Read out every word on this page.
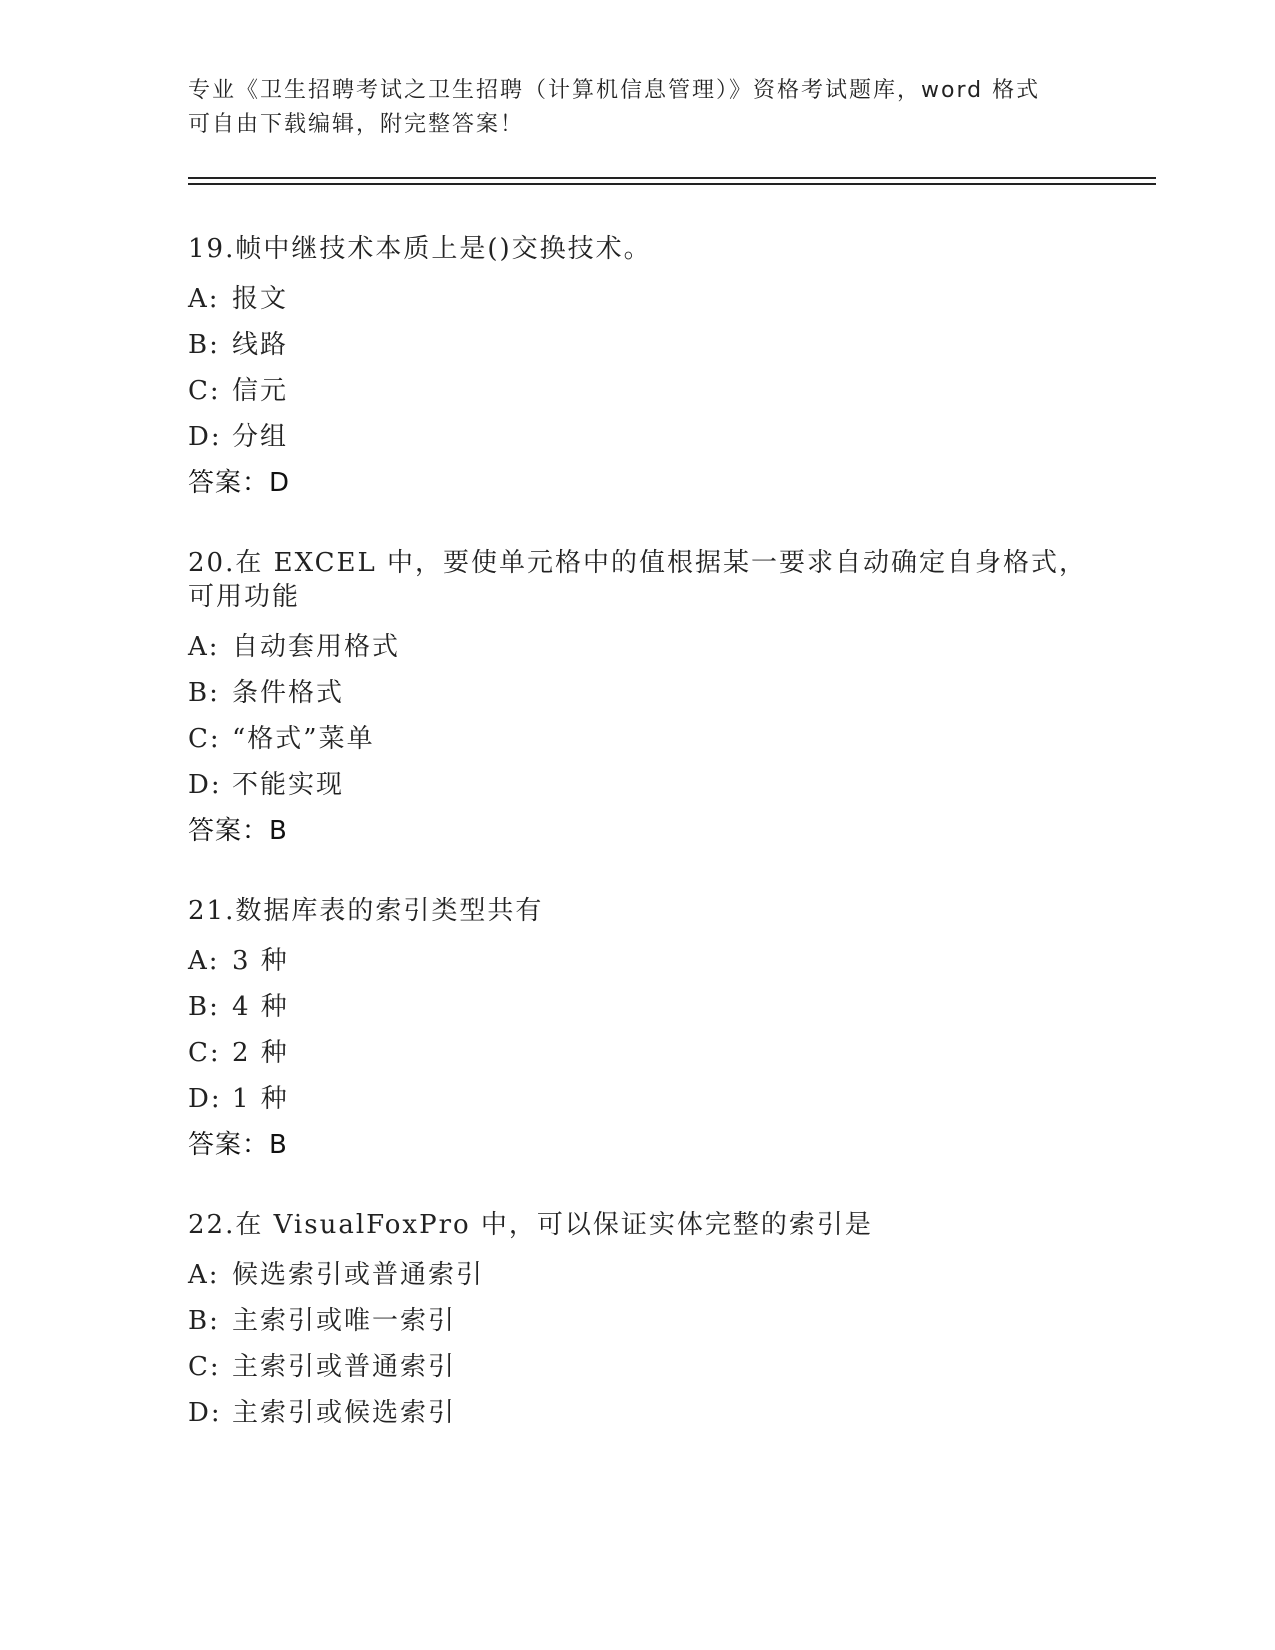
专业《卫生招聘考试之卫生招聘（计算机信息管理）》资格考试题库，word 格式
可自由下载编辑，附完整答案！
19.帧中继技术本质上是()交换技术。
A: 报文
B: 线路
C: 信元
D: 分组
答案：D
20.在 EXCEL 中，要使单元格中的值根据某一要求自动确定自身格式，可用功能
A: 自动套用格式
B: 条件格式
C: “格式”菜单
D: 不能实现
答案：B
21.数据库表的索引类型共有
A: 3 种
B: 4 种
C: 2 种
D: 1 种
答案：B
22.在 VisualFoxPro 中，可以保证实体完整的索引是
A: 候选索引或普通索引
B: 主索引或唯一索引
C: 主索引或普通索引
D: 主索引或候选索引
